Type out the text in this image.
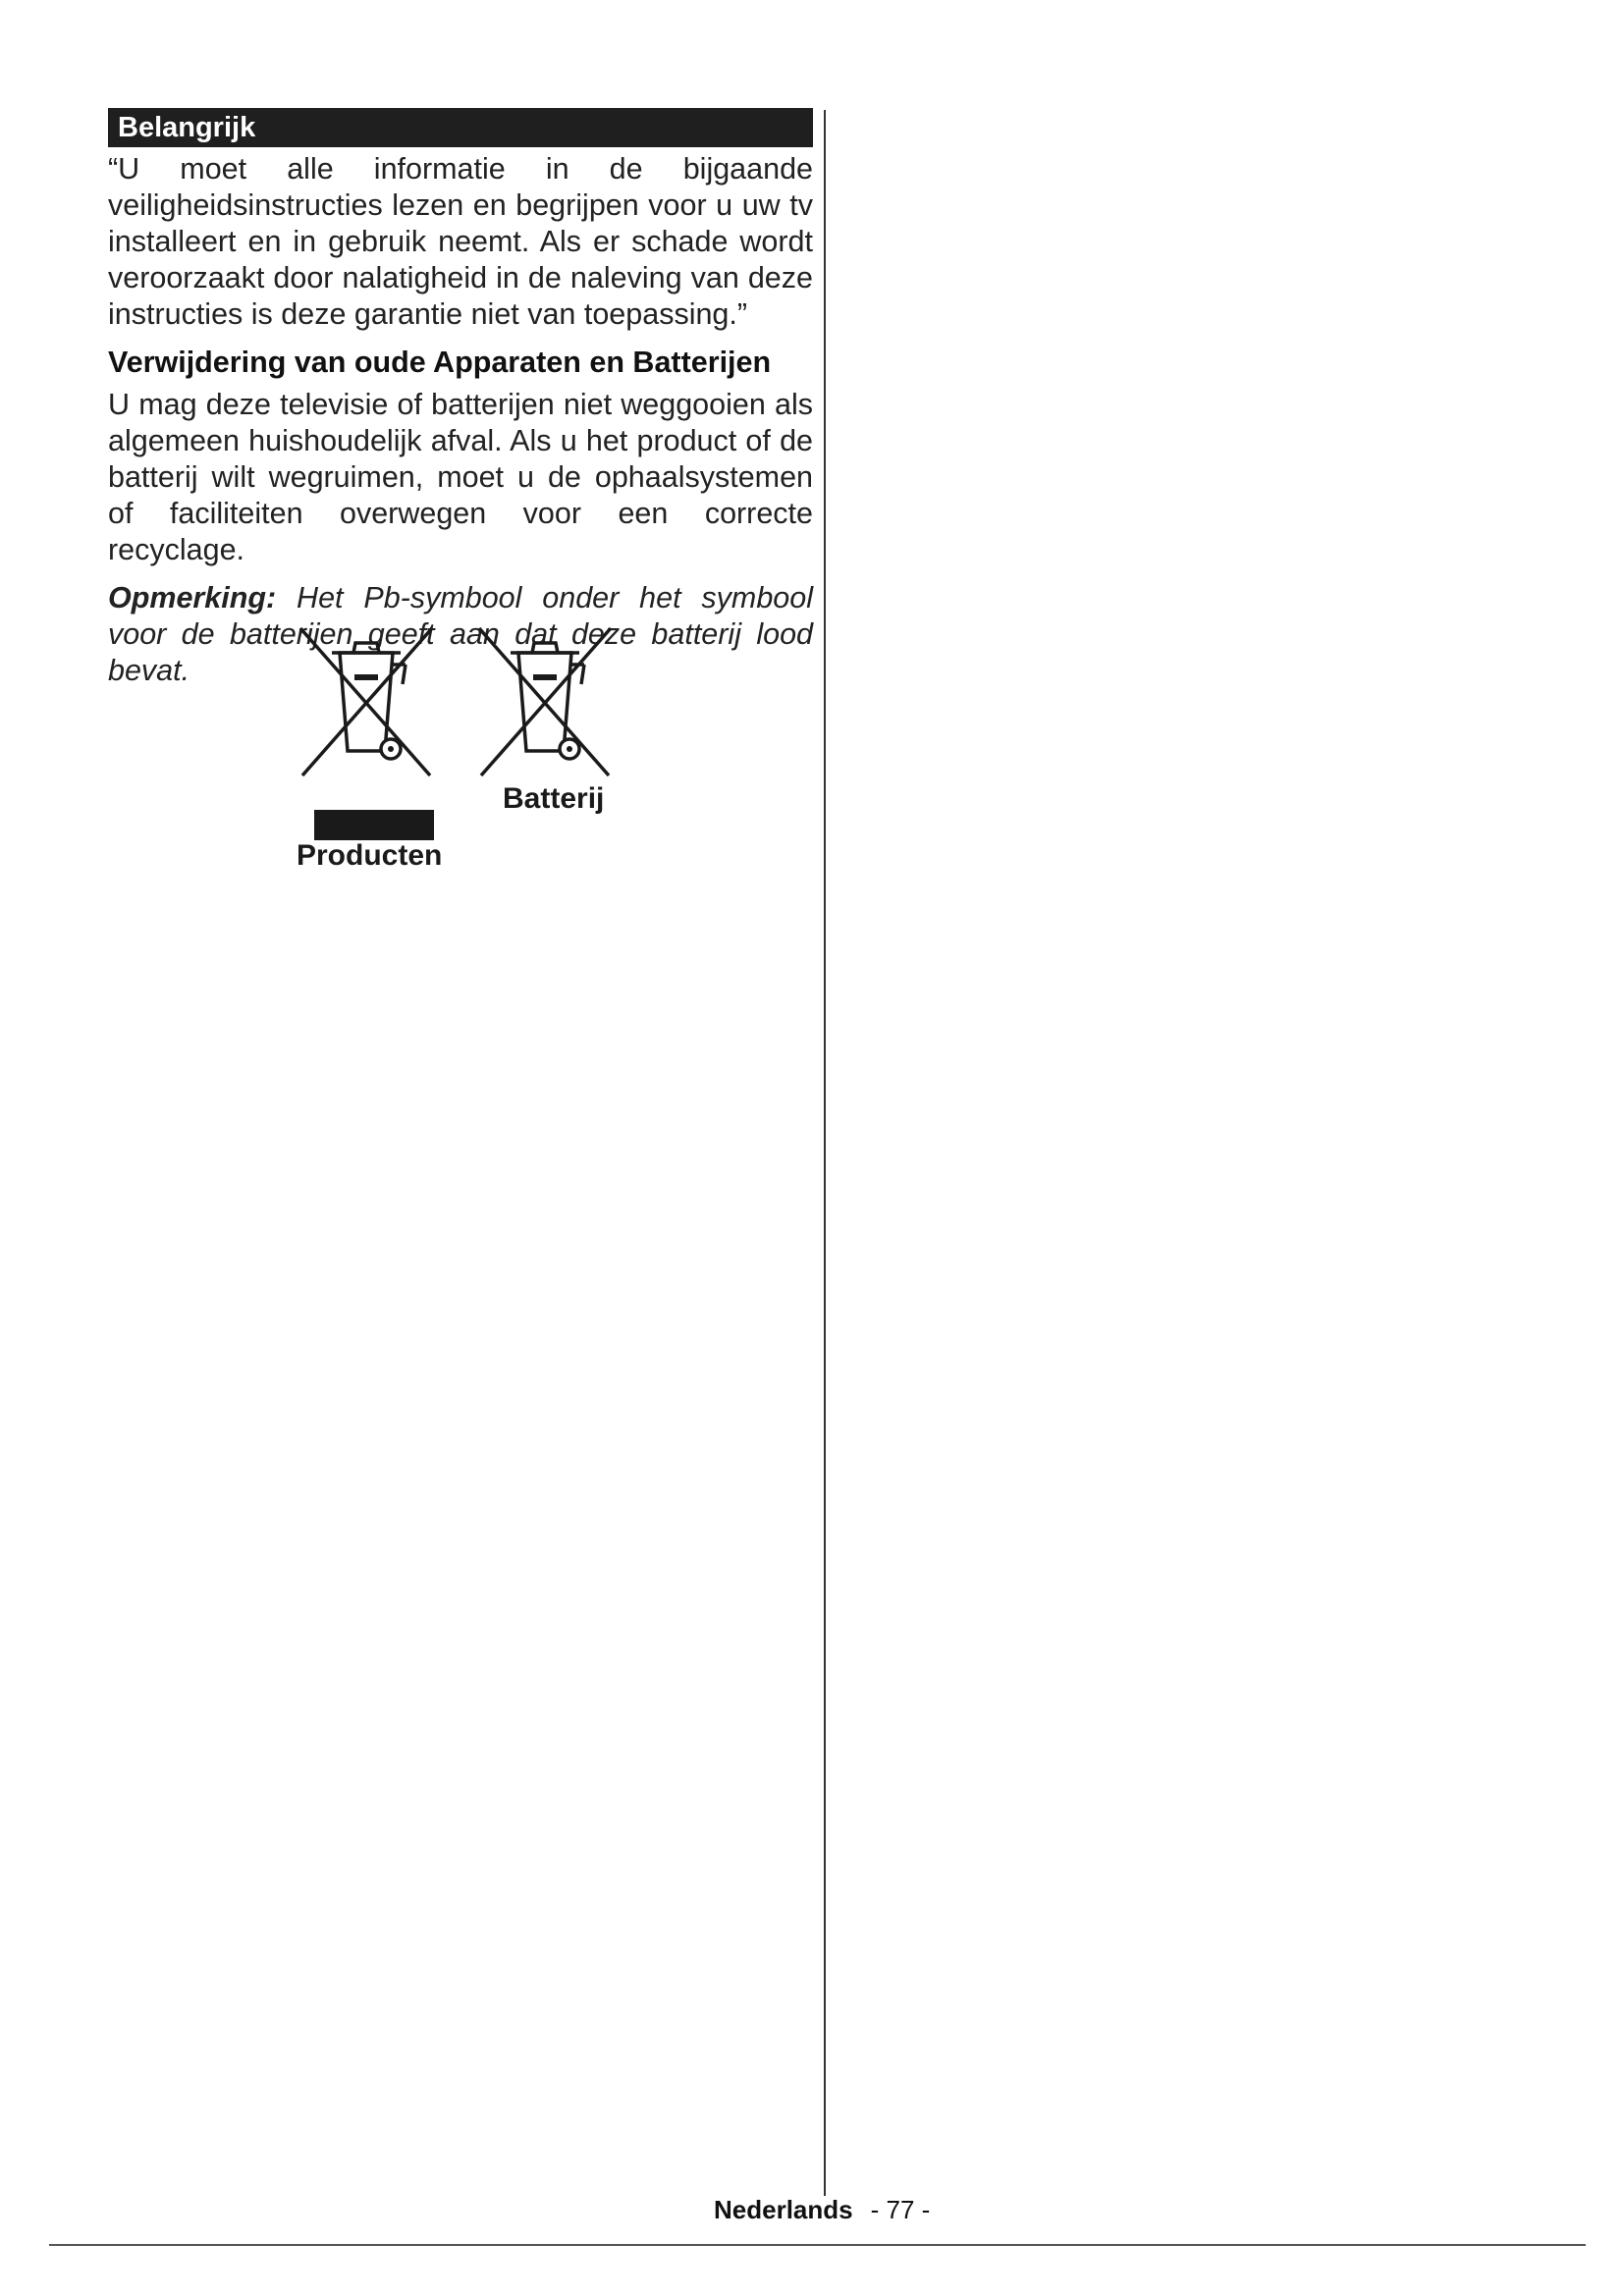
Belangrijk

“U moet alle informatie in de bijgaande veiligheidsinstructies lezen en begrijpen voor u uw tv installeert en in gebruik neemt. Als er schade wordt veroorzaakt door nalatigheid in de naleving van deze instructies is deze garantie niet van toepassing.”

Verwijdering van oude Apparaten en Batterijen

U mag deze televisie of batterijen niet weggooien als algemeen huishoudelijk afval. Als u het product of de batterij wilt wegruimen, moet u de ophaalsystemen of faciliteiten overwegen voor een correcte recyclage.

Opmerking: Het Pb-symbool onder het symbool voor de batterijen geeft aan dat deze batterij lood bevat.

Producten
Batterij
Nederlands - 77 -
